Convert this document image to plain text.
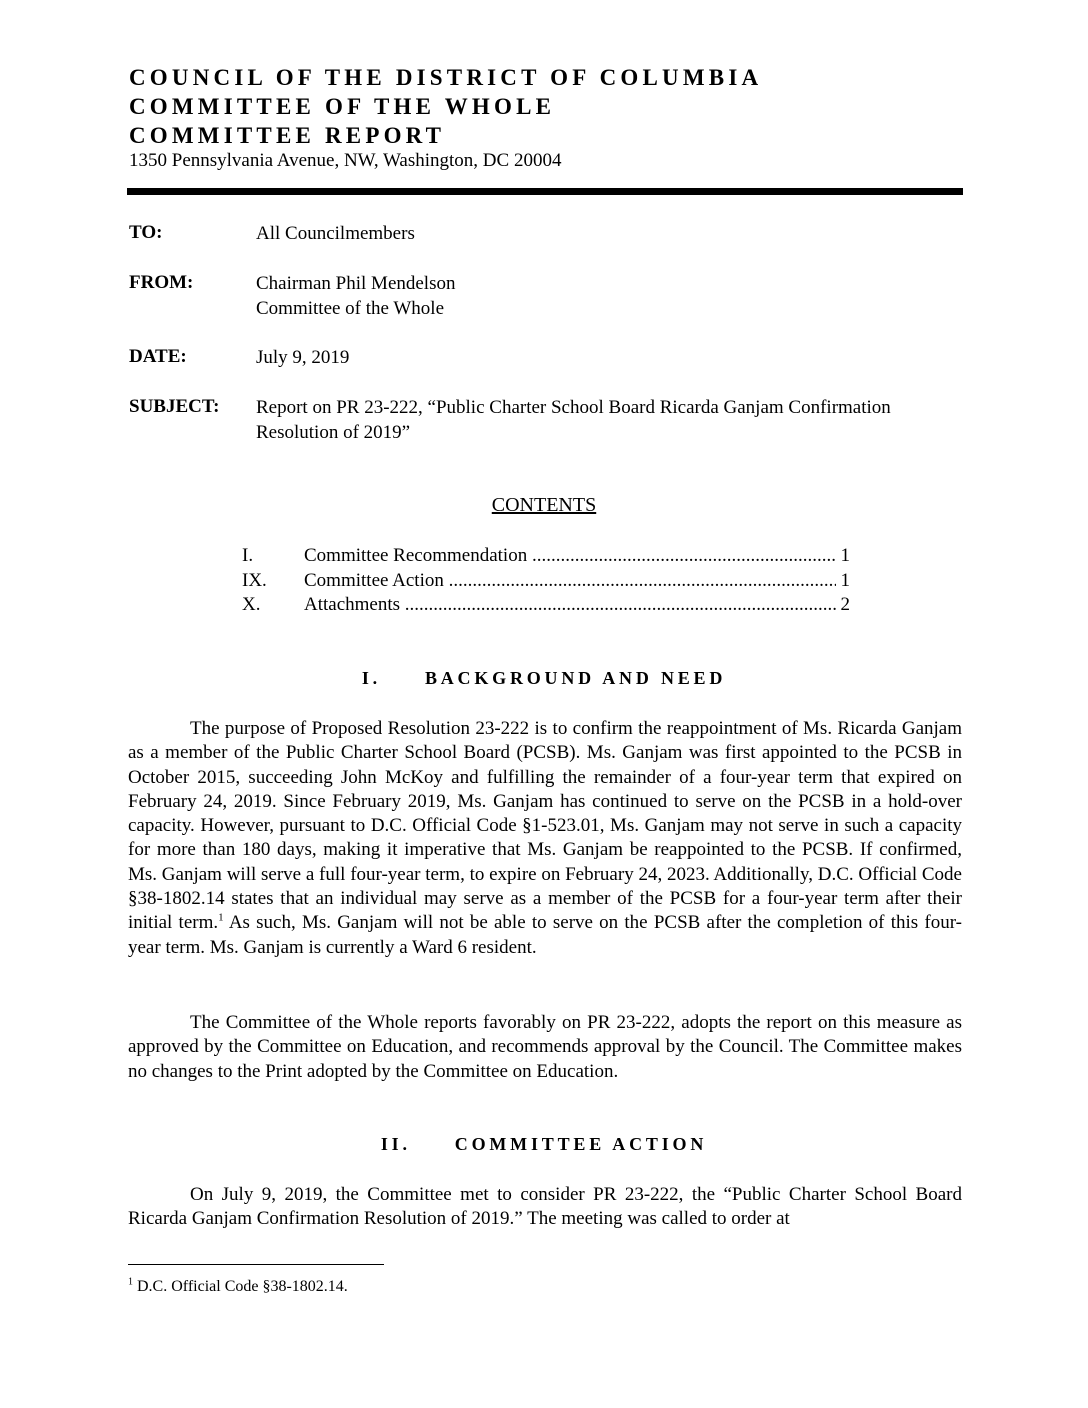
COUNCIL OF THE DISTRICT OF COLUMBIA
COMMITTEE OF THE WHOLE
COMMITTEE REPORT
1350 Pennsylvania Avenue, NW, Washington, DC 20004
TO:	All Councilmembers
FROM:	Chairman Phil Mendelson
Committee of the Whole
DATE:	July 9, 2019
SUBJECT: Report on PR 23-222, “Public Charter School Board Ricarda Ganjam Confirmation Resolution of 2019”
CONTENTS
I.	Committee Recommendation .....	1
IX. Committee Action .....	1
X. Attachments .....	2
I. BACKGROUND AND NEED

The purpose of Proposed Resolution 23-222 is to confirm the reappointment of Ms. Ricarda Ganjam as a member of the Public Charter School Board (PCSB). Ms. Ganjam was first appointed to the PCSB in October 2015, succeeding John McKoy and fulfilling the remainder of a four-year term that expired on February 24, 2019. Since February 2019, Ms. Ganjam has continued to serve on the PCSB in a hold-over capacity. However, pursuant to D.C. Official Code §1-523.01, Ms. Ganjam may not serve in such a capacity for more than 180 days, making it imperative that Ms. Ganjam be reappointed to the PCSB. If confirmed, Ms. Ganjam will serve a full four-year term, to expire on February 24, 2023. Additionally, D.C. Official Code §38-1802.14 states that an individual may serve as a member of the PCSB for a four-year term after their initial term.$^1$ As such, Ms. Ganjam will not be able to serve on the PCSB after the completion of this four-year term. Ms. Ganjam is currently a Ward 6 resident.

The Committee of the Whole reports favorably on PR 23-222, adopts the report on this measure as approved by the Committee on Education, and recommends approval by the Council. The Committee makes no changes to the Print adopted by the Committee on Education.

II. COMMITTEE ACTION

On July 9, 2019, the Committee met to consider PR 23-222, the “Public Charter School Board Ricarda Ganjam Confirmation Resolution of 2019.” The meeting was called to order at

$^1$ D.C. Official Code §38-1802.14.
